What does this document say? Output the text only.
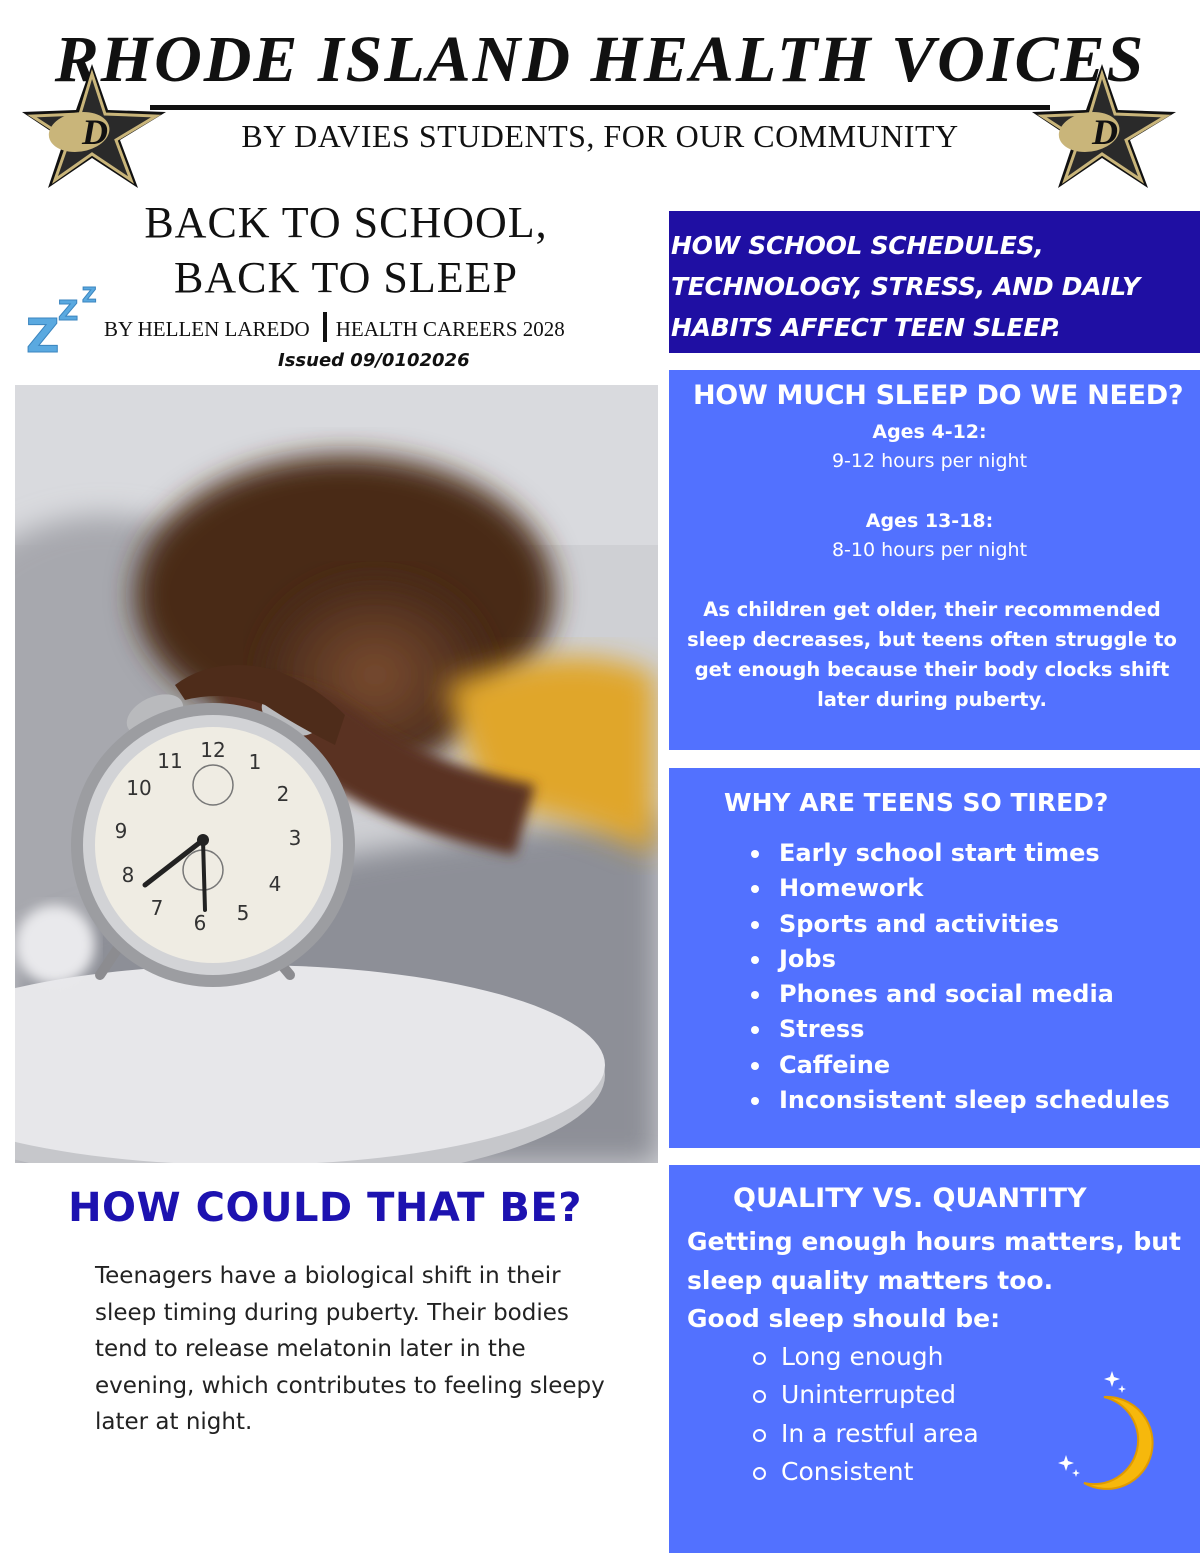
RHODE ISLAND HEALTH VOICES
BY DAVIES STUDENTS, FOR OUR COMMUNITY
D	D
BACK TO SCHOOL,
BACK TO SLEEP
Z
Z Z
BY HELLEN LAREDO HEALTH CAREERS 2028
Issued 09/0102026
12 1
2
3
4
5
6
7
8
9
10
11
HOW COULD THAT BE?
Teenagers have a biological shift in their sleep timing during puberty. Their bodies tend to release melatonin later in the evening, which contributes to feeling sleepy later at night.
HOW SCHOOL SCHEDULES, TECHNOLOGY, STRESS, AND DAILY HABITS AFFECT TEEN SLEEP.
HOW MUCH SLEEP DO WE NEED?
Ages 4-12:
9-12 hours per night
Ages 13-18:
8-10 hours per night
As children get older, their recommended sleep decreases, but teens often struggle to get enough because their body clocks shift later during puberty.
WHY ARE TEENS SO TIRED?
Early school start times
Homework
Sports and activities
Jobs
Phones and social media
Stress
Caffeine
Inconsistent sleep schedules
QUALITY VS. QUANTITY
Getting enough hours matters, but
sleep quality matters too.
Good sleep should be:
Long enough
Uninterrupted
In a restful area
Consistent
